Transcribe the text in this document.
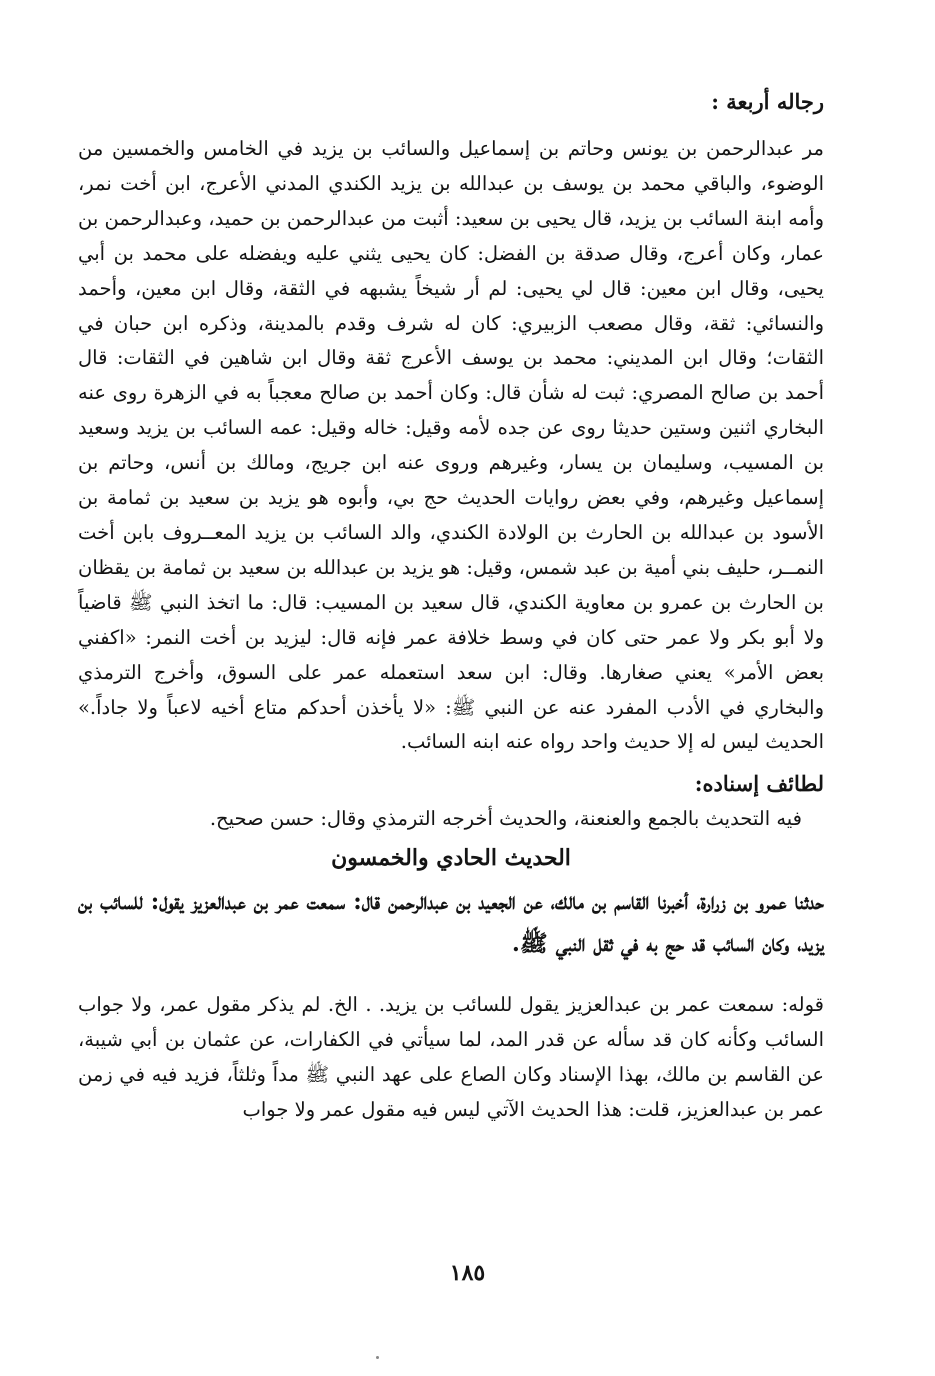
رجاله أربعة :

مر عبدالرحمن بن يونس وحاتم بن إسماعيل والسائب بن يزيد في الخامس والخمسين من الوضوء، والباقي محمد بن يوسف بن عبدالله بن يزيد الكندي المدني الأعرج، ابن أخت نمر، وأمه ابنة السائب بن يزيد، قال يحيى بن سعيد: أثبت من عبدالرحمن بن حميد، وعبدالرحمن بن عمار، وكان أعرج، وقال صدقة بن الفضل: كان يحيى يثني عليه ويفضله على محمد بن أبي يحيى، وقال ابن معين: قال لي يحيى: لم أر شيخاً يشبهه في الثقة، وقال ابن معين، وأحمد والنسائي: ثقة، وقال مصعب الزبيري: كان له شرف وقدم بالمدينة، وذكره ابن حبان في الثقات؛ وقال ابن المديني: محمد بن يوسف الأعرج ثقة وقال ابن شاهين في الثقات: قال أحمد بن صالح المصري: ثبت له شأن قال: وكان أحمد بن صالح معجباً به في الزهرة روى عنه البخاري اثنين وستين حديثا روى عن جده لأمه وقيل: خاله وقيل: عمه السائب بن يزيد وسعيد بن المسيب، وسليمان بن يسار، وغيرهم وروى عنه ابن جريج، ومالك بن أنس، وحاتم بن إسماعيل وغيرهم، وفي بعض روايات الحديث حج بي، وأبوه هو يزيد بن سعيد بن ثمامة بن الأسود بن عبدالله بن الحارث بن الولادة الكندي، والد السائب بن يزيد المعــروف بابن أخت النمــر، حليف بني أمية بن عبد شمس، وقيل: هو يزيد بن عبدالله بن سعيد بن ثمامة بن يقظان بن الحارث بن عمرو بن معاوية الكندي، قال سعيد بن المسيب: قال: ما اتخذ النبي ﷺ قاضياً ولا أبو بكر ولا عمر حتى كان في وسط خلافة عمر فإنه قال: ليزيد بن أخت النمر: «اكفني بعض الأمر» يعني صغارها. وقال: ابن سعد استعمله عمر على السوق، وأخرج الترمذي والبخاري في الأدب المفرد عنه عن النبي ﷺ: «لا يأخذن أحدكم متاع أخيه لاعباً ولا جاداً.» الحديث ليس له إلا حديث واحد رواه عنه ابنه السائب.

لطائف إسناده:

فيه التحديث بالجمع والعنعنة، والحديث أخرجه الترمذي وقال: حسن صحيح.

الحديث الحادي والخمسون

حدثنا عمرو بن زرارة، أخبرنا القاسم بن مالك، عن الجعيد بن عبدالرحمن قال: سمعت عمر بن عبدالعزيز يقول: للسائب بن يزيد، وكان السائب قد حج به في ثقل النبي ﷺ.

قوله: سمعت عمر بن عبدالعزيز يقول للسائب بن يزيد. . الخ. لم يذكر مقول عمر، ولا جواب السائب وكأنه كان قد سأله عن قدر المد، لما سيأتي في الكفارات، عن عثمان بن أبي شيبة، عن القاسم بن مالك، بهذا الإسناد وكان الصاع على عهد النبي ﷺ مداً وثلثاً، فزيد فيه في زمن عمر بن عبدالعزيز، قلت: هذا الحديث الآتي ليس فيه مقول عمر ولا جواب

١٨٥
